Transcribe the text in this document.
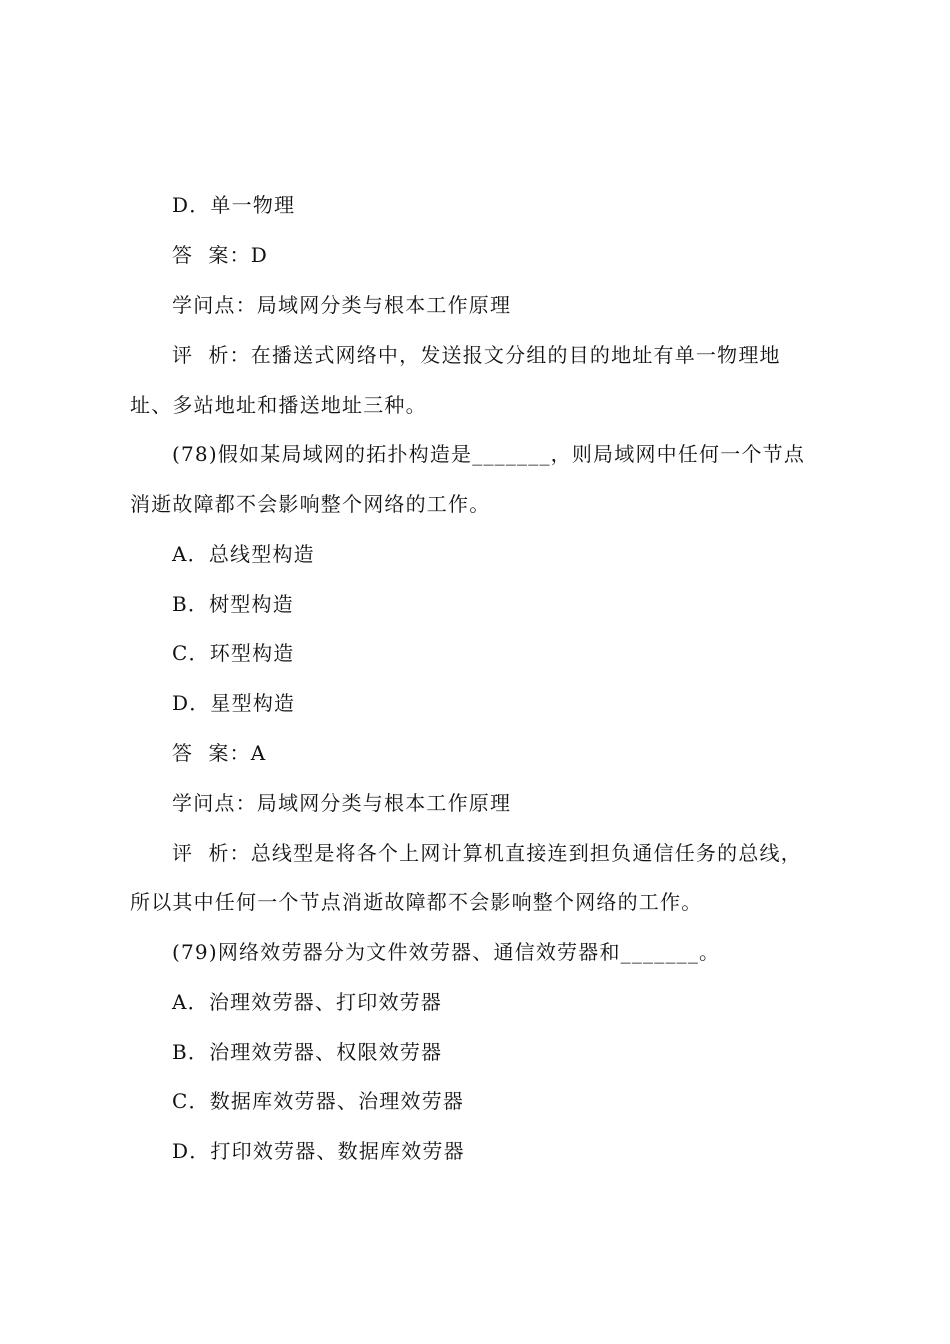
D．单一物理
答  案：D
学问点：局域网分类与根本工作原理
评  析：在播送式网络中，发送报文分组的目的地址有单一物理地
址、多站地址和播送地址三种。
(78)假如某局域网的拓扑构造是_______，则局域网中任何一个节点
消逝故障都不会影响整个网络的工作。
A．总线型构造
B．树型构造
C．环型构造
D．星型构造
答  案：A
学问点：局域网分类与根本工作原理
评  析：总线型是将各个上网计算机直接连到担负通信任务的总线，
所以其中任何一个节点消逝故障都不会影响整个网络的工作。
(79)网络效劳器分为文件效劳器、通信效劳器和_______。
A．治理效劳器、打印效劳器
B．治理效劳器、权限效劳器
C．数据库效劳器、治理效劳器
D．打印效劳器、数据库效劳器
